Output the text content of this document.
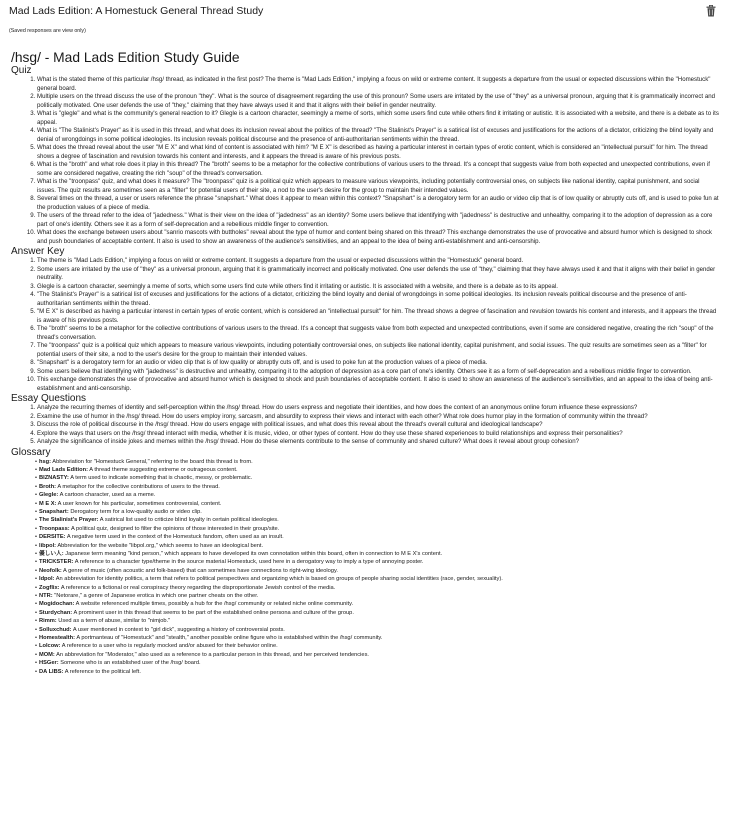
Mad Lads Edition: A Homestuck General Thread Study
(Saved responses are view only)
/hsg/ - Mad Lads Edition Study Guide
Quiz
1. What is the stated theme of this particular /hsg/ thread, as indicated in the first post? The theme is "Mad Lads Edition," implying a focus on wild or extreme content. It suggests a departure from the usual or expected discussions within the "Homestuck" general board.
2. Multiple users on the thread discuss the use of the pronoun "they". What is the source of disagreement regarding the use of this pronoun? Some users are irritated by the use of "they" as a universal pronoun, arguing that it is grammatically incorrect and politically motivated. One user defends the use of "they," claiming that they have always used it and that it aligns with their belief in gender neutrality.
3. What is "glegle" and what is the community's general reaction to it? Glegle is a cartoon character, seemingly a meme of sorts, which some users find cute while others find it irritating or autistic. It is associated with a website, and there is a debate as to its appeal.
4. What is "The Stalinist's Prayer" as it is used in this thread, and what does its inclusion reveal about the politics of the thread? "The Stalinist's Prayer" is a satirical list of excuses and justifications for the actions of a dictator, criticizing the blind loyalty and denial of wrongdoings in some political ideologies. Its inclusion reveals political discourse and the presence of anti-authoritarian sentiments within the thread.
5. What does the thread reveal about the user "M E X" and what kind of content is associated with him? "M E X" is described as having a particular interest in certain types of erotic content, which is considered an "intellectual pursuit" for him. The thread shows a degree of fascination and revulsion towards his content and interests, and it appears the thread is aware of his previous posts.
6. What is the "broth" and what role does it play in this thread? The "broth" seems to be a metaphor for the collective contributions of various users to the thread. It's a concept that suggests value from both expected and unexpected contributions, even if some are considered negative, creating the rich "soup" of the thread's conversation.
7. What is the "troonpass" quiz, and what does it measure? The "troonpass" quiz is a political quiz which appears to measure various viewpoints, including potentially controversial ones, on subjects like national identity, capital punishment, and social issues. The quiz results are sometimes seen as a "filter" for potential users of their site, a nod to the user's desire for the group to maintain their intended values.
8. Several times on the thread, a user or users reference the phrase "snapshart." What does it appear to mean within this context? "Snapshart" is a derogatory term for an audio or video clip that is of low quality or abruptly cuts off, and is used to poke fun at the production values of a piece of media.
9. The users of the thread refer to the idea of "jadedness." What is their view on the idea of "jadedness" as an identity? Some users believe that identifying with "jadedness" is destructive and unhealthy, comparing it to the adoption of depression as a core part of one's identity. Others see it as a form of self-deprecation and a rebellious middle finger to convention.
10. What does the exchange between users about "sanrio mascots with buttholes" reveal about the type of humor and content being shared on this thread? This exchange demonstrates the use of provocative and absurd humor which is designed to shock and push boundaries of acceptable content. It also is used to show an awareness of the audience's sensitivities, and an appeal to the idea of being anti-establishment and anti-censorship.
Answer Key
1. The theme is "Mad Lads Edition," implying a focus on wild or extreme content. It suggests a departure from the usual or expected discussions within the "Homestuck" general board.
2. Some users are irritated by the use of "they" as a universal pronoun, arguing that it is grammatically incorrect and politically motivated. One user defends the use of "they," claiming that they have always used it and that it aligns with their belief in gender neutrality.
3. Glegle is a cartoon character, seemingly a meme of sorts, which some users find cute while others find it irritating or autistic. It is associated with a website, and there is a debate as to its appeal.
4. "The Stalinist's Prayer" is a satirical list of excuses and justifications for the actions of a dictator, criticizing the blind loyalty and denial of wrongdoings in some political ideologies. Its inclusion reveals political discourse and the presence of anti-authoritarian sentiments within the thread.
5. "M E X" is described as having a particular interest in certain types of erotic content, which is considered an "intellectual pursuit" for him. The thread shows a degree of fascination and revulsion towards his content and interests, and it appears the thread is aware of his previous posts.
6. The "broth" seems to be a metaphor for the collective contributions of various users to the thread. It's a concept that suggests value from both expected and unexpected contributions, even if some are considered negative, creating the rich "soup" of the thread's conversation.
7. The "troonpass" quiz is a political quiz which appears to measure various viewpoints, including potentially controversial ones, on subjects like national identity, capital punishment, and social issues. The quiz results are sometimes seen as a "filter" for potential users of their site, a nod to the user's desire for the group to maintain their intended values.
8. "Snapshart" is a derogatory term for an audio or video clip that is of low quality or abruptly cuts off, and is used to poke fun at the production values of a piece of media.
9. Some users believe that identifying with "jadedness" is destructive and unhealthy, comparing it to the adoption of depression as a core part of one's identity. Others see it as a form of self-deprecation and a rebellious middle finger to convention.
10. This exchange demonstrates the use of provocative and absurd humor which is designed to shock and push boundaries of acceptable content. It also is used to show an awareness of the audience's sensitivities, and an appeal to the idea of being anti-establishment and anti-censorship.
Essay Questions
1. Analyze the recurring themes of identity and self-perception within the /hsg/ thread. How do users express and negotiate their identities, and how does the context of an anonymous online forum influence these expressions?
2. Examine the use of humor in the /hsg/ thread. How do users employ irony, sarcasm, and absurdity to express their views and interact with each other? What role does humor play in the formation of community within the thread?
3. Discuss the role of political discourse in the /hsg/ thread. How do users engage with political issues, and what does this reveal about the thread's overall cultural and ideological landscape?
4. Explore the ways that users on the /hsg/ thread interact with media, whether it is music, video, or other types of content. How do they use these shared experiences to build relationships and express their personalities?
5. Analyze the significance of inside jokes and memes within the /hsg/ thread. How do these elements contribute to the sense of community and shared culture? What does it reveal about group cohesion?
Glossary
• hsg: Abbreviation for "Homestuck General," referring to the board this thread is from.
• Mad Lads Edition: A thread theme suggesting extreme or outrageous content.
• BIZNASTY: A term used to indicate something that is chaotic, messy, or problematic.
• Broth: A metaphor for the collective contributions of users to the thread.
• Glegle: A cartoon character, used as a meme.
• M E X: A user known for his particular, sometimes controversial, content.
• Snapshart: Derogatory term for a low-quality audio or video clip.
• The Stalinist's Prayer: A satirical list used to criticize blind loyalty in certain political ideologies.
• Troonpass: A political quiz, designed to filter the opinions of those interested in their group/site.
• DERSITE: A negative term used in the context of the Homestuck fandom, often used as an insult.
• libpol: Abbreviation for the website "libpol.org," which seems to have an ideological bent.
• 優しい人: Japanese term meaning "kind person," which appears to have developed its own connotation within this board, often in connection to M E X's content.
• TRICKSTER: A reference to a character type/theme in the source material Homestuck, used here in a derogatory way to imply a type of annoying poster.
• Neofolk: A genre of music (often acoustic and folk-based) that can sometimes have connections to right-wing ideology.
• Idpol: An abbreviation for identity politics, a term that refers to political perspectives and organizing which is based on groups of people sharing social identities (race, gender, sexuality).
• Zogflix: A reference to a fictional or real conspiracy theory regarding the disproportionate Jewish control of the media.
• NTR: "Netorare," a genre of Japanese erotica in which one partner cheats on the other.
• Mogidochan: A website referenced multiple times, possibly a hub for the /hsg/ community or related niche online community.
• Sturdychan: A prominent user in this thread that seems to be part of the established online persona and culture of the group.
• Rimm: Used as a term of abuse, similar to "nimjob."
• Solluxchud: A user mentioned in context to "girl dick", suggesting a history of controversial posts.
• Homestealth: A portmanteau of "Homestuck" and "stealth," another possible online figure who is established within the /hsg/ community.
• Lolcow: A reference to a user who is regularly mocked and/or abused for their behavior online.
• MOM: An abbreviation for "Moderator," also used as a reference to a particular person in this thread, and her perceived tendencies.
• HSGer: Someone who is an established user of the /hsg/ board.
• DA LIBS: A reference to the political left.
